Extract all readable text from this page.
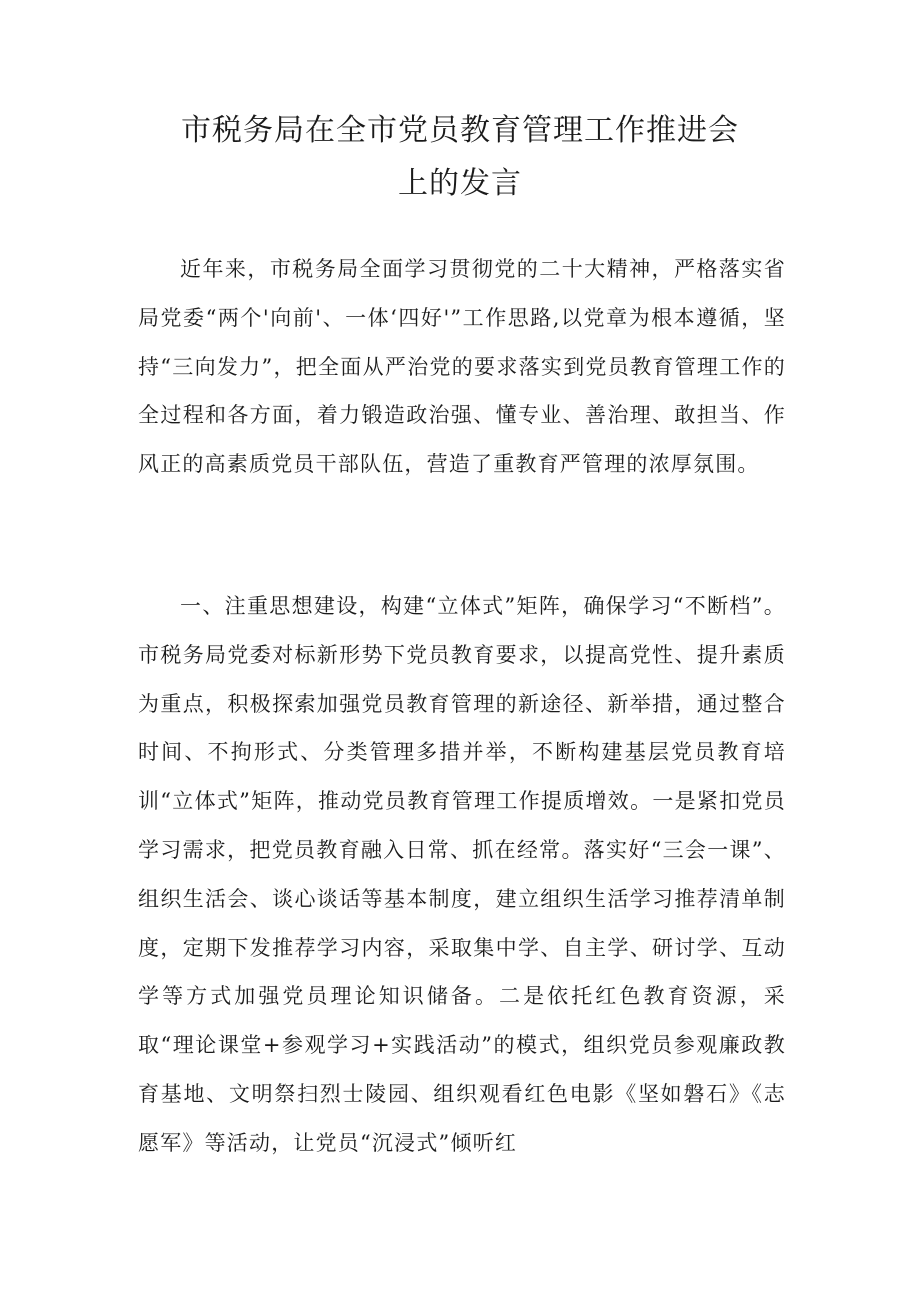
市税务局在全市党员教育管理工作推进会
上的发言

近年来，市税务局全面学习贯彻党的二十大精神，严格落实省局党委“两个'向前'、一体‘四好'”工作思路,以党章为根本遵循，坚持“三向发力”，把全面从严治党的要求落实到党员教育管理工作的全过程和各方面，着力锻造政治强、懂专业、善治理、敢担当、作风正的高素质党员干部队伍，营造了重教育严管理的浓厚氛围。

一、注重思想建设，构建“立体式”矩阵，确保学习“不断档”。市税务局党委对标新形势下党员教育要求，以提高党性、提升素质为重点，积极探索加强党员教育管理的新途径、新举措，通过整合时间、不拘形式、分类管理多措并举，不断构建基层党员教育培训“立体式”矩阵，推动党员教育管理工作提质增效。一是紧扣党员学习需求，把党员教育融入日常、抓在经常。落实好“三会一课”、组织生活会、谈心谈话等基本制度，建立组织生活学习推荐清单制度，定期下发推荐学习内容，采取集中学、自主学、研讨学、互动学等方式加强党员理论知识储备。二是依托红色教育资源，采取“理论课堂+参观学习+实践活动”的模式，组织党员参观廉政教育基地、文明祭扫烈士陵园、组织观看红色电影《坚如磐石》《志愿军》等活动，让党员“沉浸式”倾听红
